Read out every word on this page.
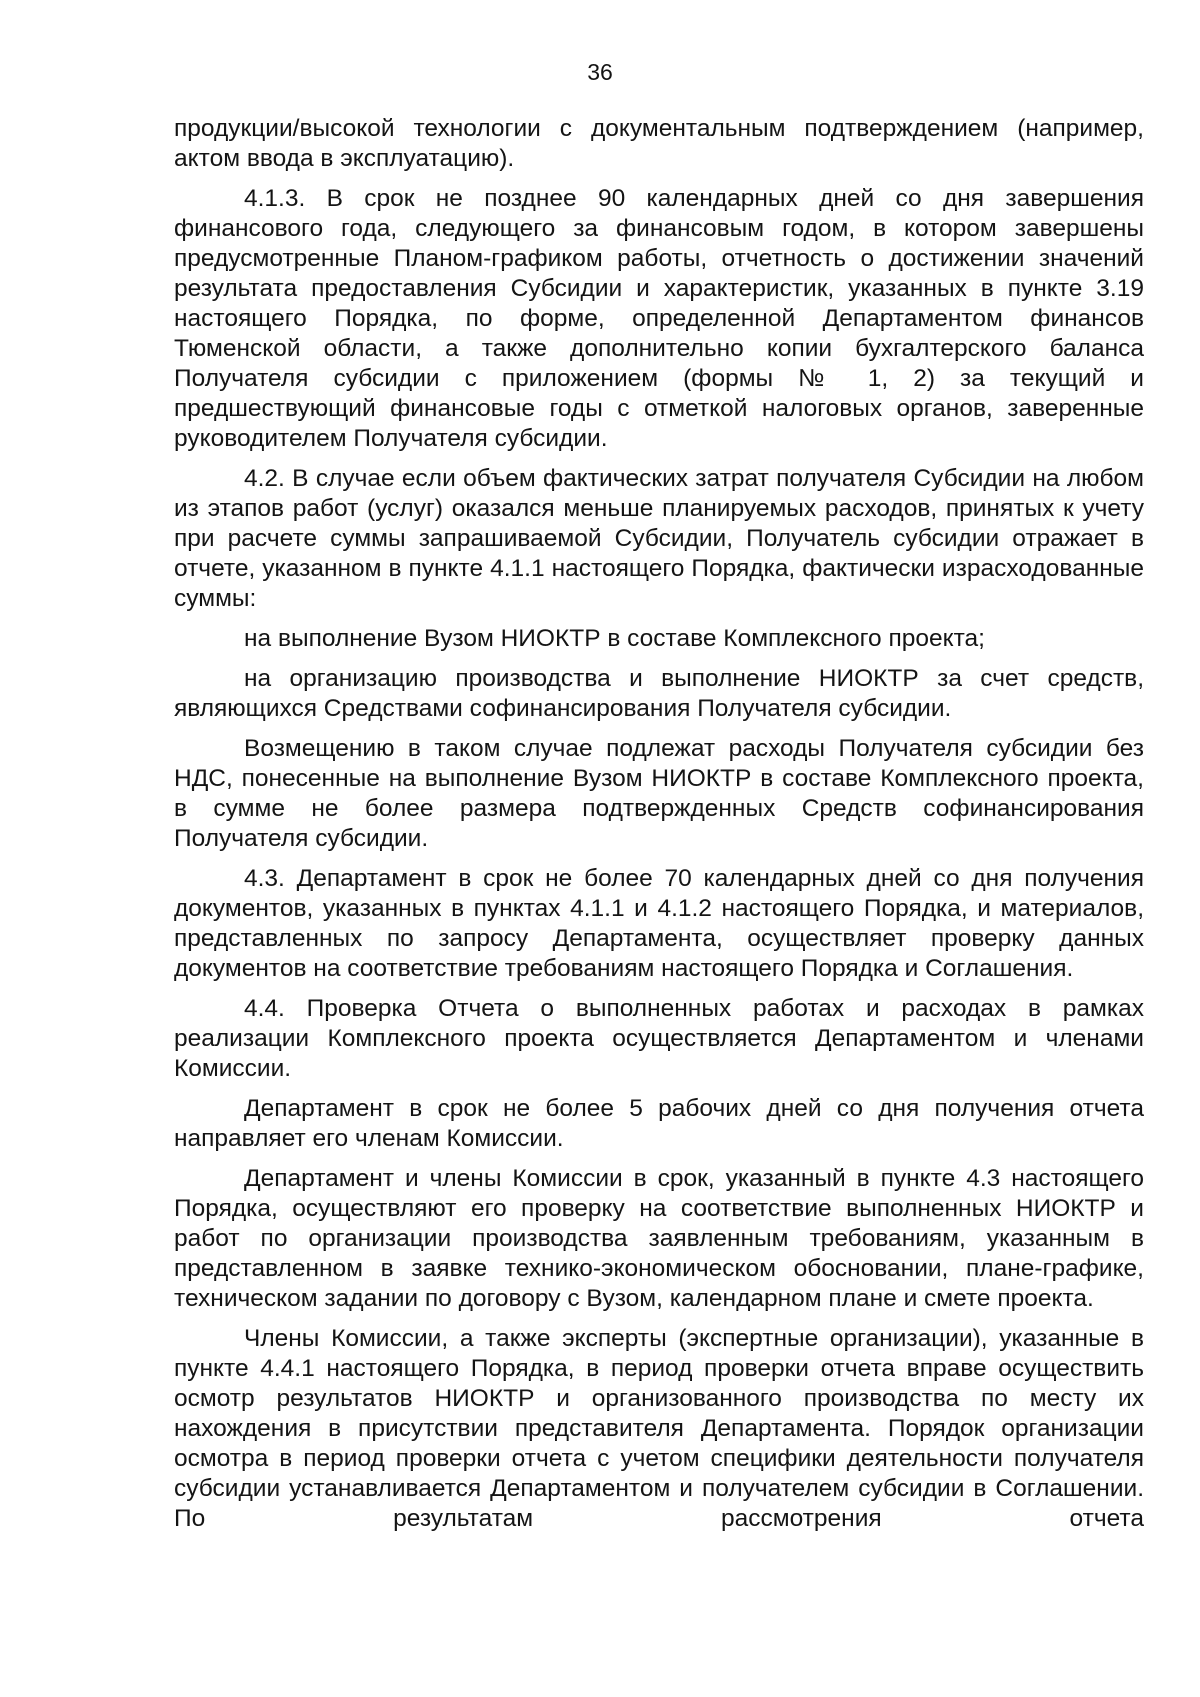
36

продукции/высокой технологии с документальным подтверждением (например, актом ввода в эксплуатацию).

4.1.3. В срок не позднее 90 календарных дней со дня завершения финансового года, следующего за финансовым годом, в котором завершены предусмотренные Планом-графиком работы, отчетность о достижении значений результата предоставления Субсидии и характеристик, указанных в пункте 3.19 настоящего Порядка, по форме, определенной Департаментом финансов Тюменской области, а также дополнительно копии бухгалтерского баланса Получателя субсидии с приложением (формы № 1, 2) за текущий и предшествующий финансовые годы с отметкой налоговых органов, заверенные руководителем Получателя субсидии.

4.2. В случае если объем фактических затрат получателя Субсидии на любом из этапов работ (услуг) оказался меньше планируемых расходов, принятых к учету при расчете суммы запрашиваемой Субсидии, Получатель субсидии отражает в отчете, указанном в пункте 4.1.1 настоящего Порядка, фактически израсходованные суммы:

на выполнение Вузом НИОКТР в составе Комплексного проекта;

на организацию производства и выполнение НИОКТР за счет средств, являющихся Средствами софинансирования Получателя субсидии.

Возмещению в таком случае подлежат расходы Получателя субсидии без НДС, понесенные на выполнение Вузом НИОКТР в составе Комплексного проекта, в сумме не более размера подтвержденных Средств софинансирования Получателя субсидии.

4.3. Департамент в срок не более 70 календарных дней со дня получения документов, указанных в пунктах 4.1.1 и 4.1.2 настоящего Порядка, и материалов, представленных по запросу Департамента, осуществляет проверку данных документов на соответствие требованиям настоящего Порядка и Соглашения.

4.4. Проверка Отчета о выполненных работах и расходах в рамках реализации Комплексного проекта осуществляется Департаментом и членами Комиссии.

Департамент в срок не более 5 рабочих дней со дня получения отчета направляет его членам Комиссии.

Департамент и члены Комиссии в срок, указанный в пункте 4.3 настоящего Порядка, осуществляют его проверку на соответствие выполненных НИОКТР и работ по организации производства заявленным требованиям, указанным в представленном в заявке технико-экономическом обосновании, плане-графике, техническом задании по договору с Вузом, календарном плане и смете проекта.

Члены Комиссии, а также эксперты (экспертные организации), указанные в пункте 4.4.1 настоящего Порядка, в период проверки отчета вправе осуществить осмотр результатов НИОКТР и организованного производства по месту их нахождения в присутствии представителя Департамента. Порядок организации осмотра в период проверки отчета с учетом специфики деятельности получателя субсидии устанавливается Департаментом и получателем субсидии в Соглашении. По результатам рассмотрения отчета
